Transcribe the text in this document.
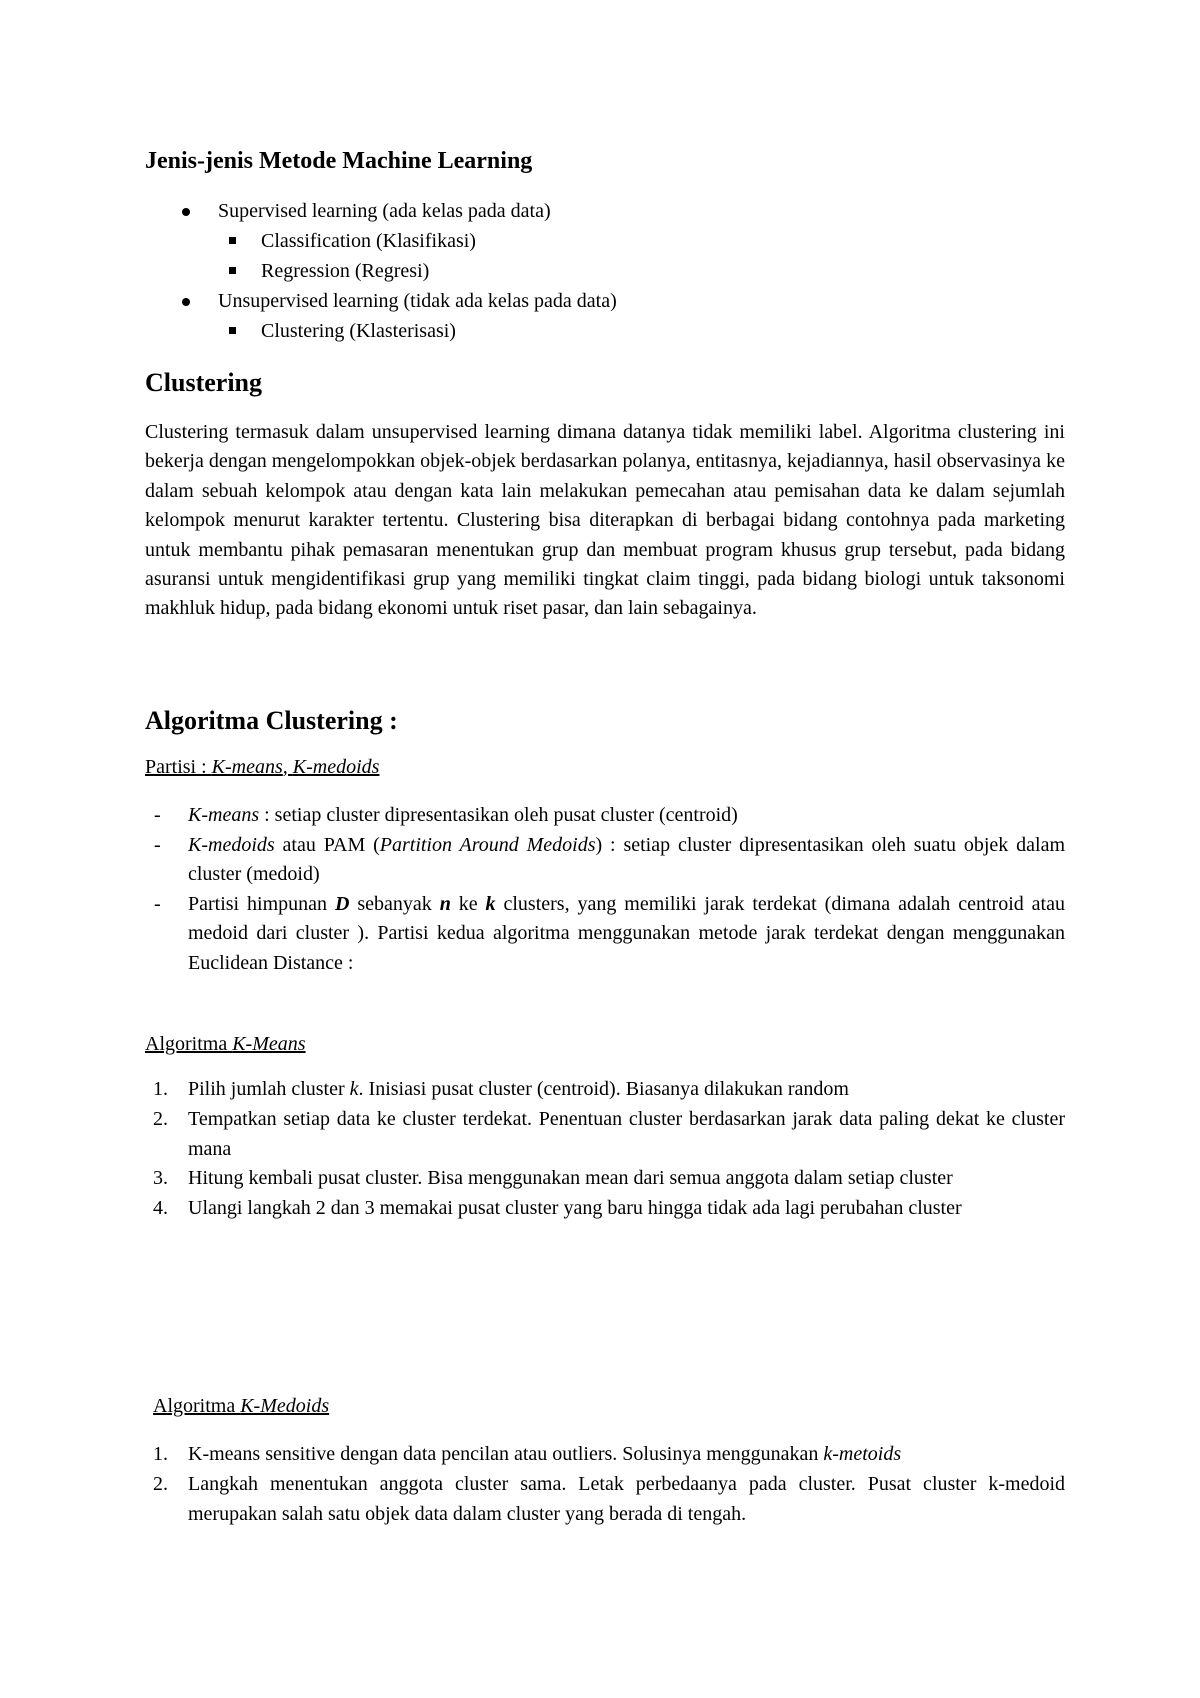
Jenis-jenis Metode Machine Learning
Supervised learning (ada kelas pada data)
Classification (Klasifikasi)
Regression (Regresi)
Unsupervised learning (tidak ada kelas pada data)
Clustering (Klasterisasi)
Clustering

Clustering termasuk dalam unsupervised learning dimana datanya tidak memiliki label. Algoritma clustering ini bekerja dengan mengelompokkan objek-objek berdasarkan polanya, entitasnya, kejadiannya, hasil observasinya ke dalam sebuah kelompok atau dengan kata lain melakukan pemecahan atau pemisahan data ke dalam sejumlah kelompok menurut karakter tertentu. Clustering bisa diterapkan di berbagai bidang contohnya pada marketing untuk membantu pihak pemasaran menentukan grup dan membuat program khusus grup tersebut, pada bidang asuransi untuk mengidentifikasi grup yang memiliki tingkat claim tinggi, pada bidang biologi untuk taksonomi makhluk hidup, pada bidang ekonomi untuk riset pasar, dan lain sebagainya.

Algoritma Clustering :

Partisi : K-means, K-medoids

- K-means : setiap cluster dipresentasikan oleh pusat cluster (centroid)
- K-medoids atau PAM (Partition Around Medoids) : setiap cluster dipresentasikan oleh suatu objek dalam cluster (medoid)
- Partisi himpunan D sebanyak n ke k clusters, yang memiliki jarak terdekat (dimana adalah centroid atau medoid dari cluster ). Partisi kedua algoritma menggunakan metode jarak terdekat dengan menggunakan Euclidean Distance :

Algoritma K-Means

1. Pilih jumlah cluster k. Inisiasi pusat cluster (centroid). Biasanya dilakukan random
2. Tempatkan setiap data ke cluster terdekat. Penentuan cluster berdasarkan jarak data paling dekat ke cluster mana
3. Hitung kembali pusat cluster. Bisa menggunakan mean dari semua anggota dalam setiap cluster
4. Ulangi langkah 2 dan 3 memakai pusat cluster yang baru hingga tidak ada lagi perubahan cluster

Algoritma K-Medoids

1. K-means sensitive dengan data pencilan atau outliers. Solusinya menggunakan k-metoids
2. Langkah menentukan anggota cluster sama. Letak perbedaanya pada cluster. Pusat cluster k-medoid merupakan salah satu objek data dalam cluster yang berada di tengah.
